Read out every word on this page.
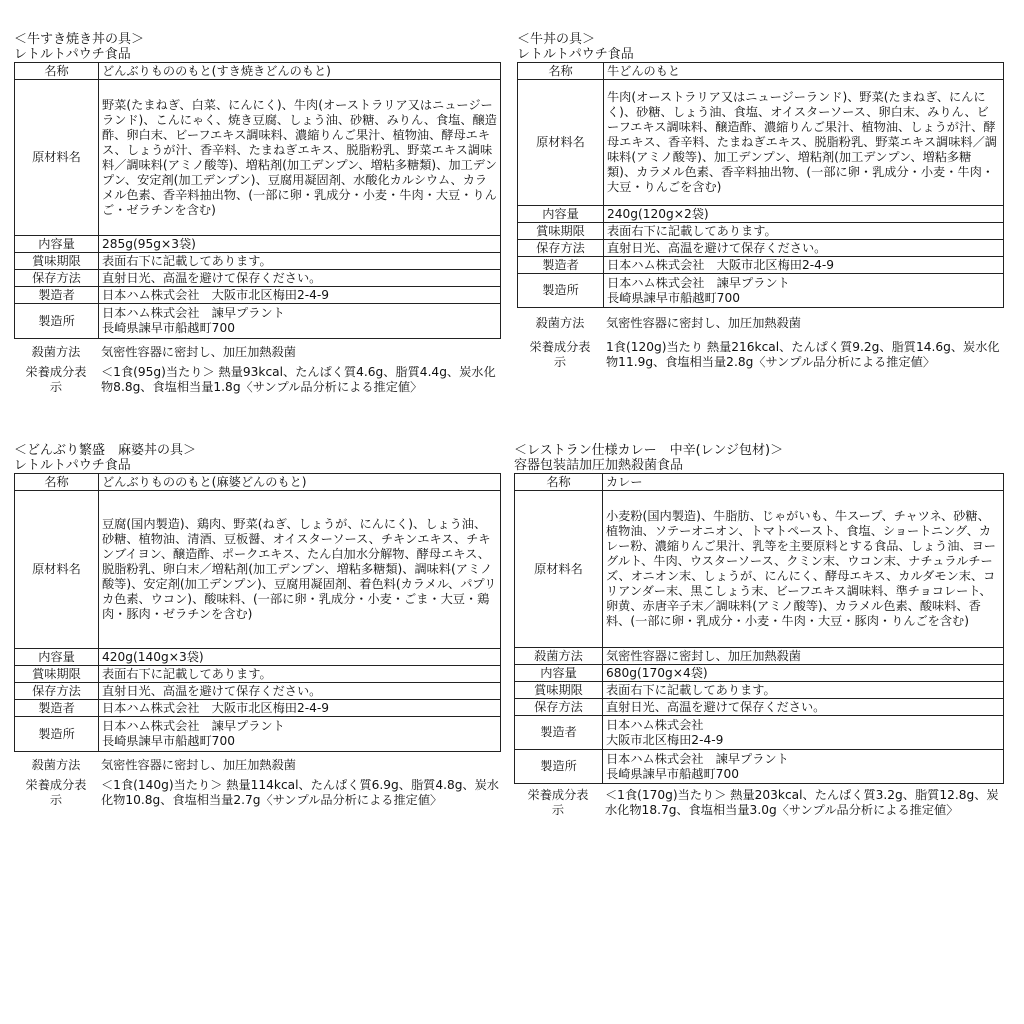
＜牛すき焼き丼の具＞
レトルトパウチ食品
名称	どんぶりもののもと(すき焼きどんのもと)
原材料名	野菜(たまねぎ、白菜、にんにく)、牛肉(オーストラリア又はニュージーランド)、こんにゃく、焼き豆腐、しょう油、砂糖、みりん、食塩、醸造酢、卵白末、ビーフエキス調味料、濃縮りんご果汁、植物油、酵母エキス、しょうが汁、香辛料、たまねぎエキス、脱脂粉乳、野菜エキス調味料／調味料(アミノ酸等)、増粘剤(加工デンプン、増粘多糖類)、加工デンプン、安定剤(加工デンプン)、豆腐用凝固剤、水酸化カルシウム、カラメル色素、香辛料抽出物、(一部に卵・乳成分・小麦・牛肉・大豆・りんご・ゼラチンを含む)
内容量	285g(95g×3袋)
賞味期限	表面右下に記載してあります。
保存方法	直射日光、高温を避けて保存ください。
製造者	日本ハム株式会社　大阪市北区梅田2-4-9
製造所	日本ハム株式会社　諫早プラント
長崎県諫早市船越町700
殺菌方法	気密性容器に密封し、加圧加熱殺菌
栄養成分表
示
＜1食(95g)当たり＞ 熱量93kcal、たんぱく質4.6g、脂質4.4g、炭水化物8.8g、食塩相当量1.8g〈サンプル品分析による推定値〉
＜牛丼の具＞
レトルトパウチ食品
名称	牛どんのもと
原材料名	牛肉(オーストラリア又はニュージーランド)、野菜(たまねぎ、にんにく)、砂糖、しょう油、食塩、オイスターソース、卵白末、みりん、ビーフエキス調味料、醸造酢、濃縮りんご果汁、植物油、しょうが汁、酵母エキス、香辛料、たまねぎエキス、脱脂粉乳、野菜エキス調味料／調味料(アミノ酸等)、加工デンプン、増粘剤(加工デンプン、増粘多糖類)、カラメル色素、香辛料抽出物、(一部に卵・乳成分・小麦・牛肉・大豆・りんごを含む)
内容量	240g(120g×2袋)
賞味期限	表面右下に記載してあります。
保存方法	直射日光、高温を避けて保存ください。
製造者	日本ハム株式会社　大阪市北区梅田2-4-9
製造所	日本ハム株式会社　諫早プラント
長崎県諫早市船越町700
殺菌方法	気密性容器に密封し、加圧加熱殺菌
栄養成分表
示
1食(120g)当たり 熱量216kcal、たんぱく質9.2g、脂質14.6g、炭水化物11.9g、食塩相当量2.8g〈サンプル品分析による推定値〉
＜どんぶり繁盛　麻婆丼の具＞
レトルトパウチ食品
名称	どんぶりもののもと(麻婆どんのもと)
原材料名	豆腐(国内製造)、鶏肉、野菜(ねぎ、しょうが、にんにく)、しょう油、砂糖、植物油、清酒、豆板醤、オイスターソース、チキンエキス、チキンブイヨン、醸造酢、ポークエキス、たん白加水分解物、酵母エキス、脱脂粉乳、卵白末／増粘剤(加工デンプン、増粘多糖類)、調味料(アミノ酸等)、安定剤(加工デンプン)、豆腐用凝固剤、着色料(カラメル、パプリカ色素、ウコン)、酸味料、(一部に卵・乳成分・小麦・ごま・大豆・鶏肉・豚肉・ゼラチンを含む)
内容量	420g(140g×3袋)
賞味期限	表面右下に記載してあります。
保存方法	直射日光、高温を避けて保存ください。
製造者	日本ハム株式会社　大阪市北区梅田2-4-9
製造所	日本ハム株式会社　諫早プラント
長崎県諫早市船越町700
殺菌方法	気密性容器に密封し、加圧加熱殺菌
栄養成分表
示
＜1食(140g)当たり＞ 熱量114kcal、たんぱく質6.9g、脂質4.8g、炭水化物10.8g、食塩相当量2.7g〈サンプル品分析による推定値〉
＜レストラン仕様カレー　中辛(レンジ包材)＞
容器包装詰加圧加熱殺菌食品
名称	カレー
原材料名	小麦粉(国内製造)、牛脂肪、じゃがいも、牛スープ、チャツネ、砂糖、植物油、ソテーオニオン、トマトペースト、食塩、ショートニング、カレー粉、濃縮りんご果汁、乳等を主要原料とする食品、しょう油、ヨーグルト、牛肉、ウスターソース、クミン末、ウコン末、ナチュラルチーズ、オニオン末、しょうが、にんにく、酵母エキス、カルダモン末、コリアンダー末、黒こしょう末、ビーフエキス調味料、準チョコレート、卵黄、赤唐辛子末／調味料(アミノ酸等)、カラメル色素、酸味料、香料、(一部に卵・乳成分・小麦・牛肉・大豆・豚肉・りんごを含む)
殺菌方法	気密性容器に密封し、加圧加熱殺菌
内容量	680g(170g×4袋)
賞味期限	表面右下に記載してあります。
保存方法	直射日光、高温を避けて保存ください。
製造者	日本ハム株式会社
大阪市北区梅田2-4-9
製造所	日本ハム株式会社　諫早プラント
長崎県諫早市船越町700
栄養成分表
示
＜1食(170g)当たり＞ 熱量203kcal、たんぱく質3.2g、脂質12.8g、炭水化物18.7g、食塩相当量3.0g〈サンプル品分析による推定値〉
